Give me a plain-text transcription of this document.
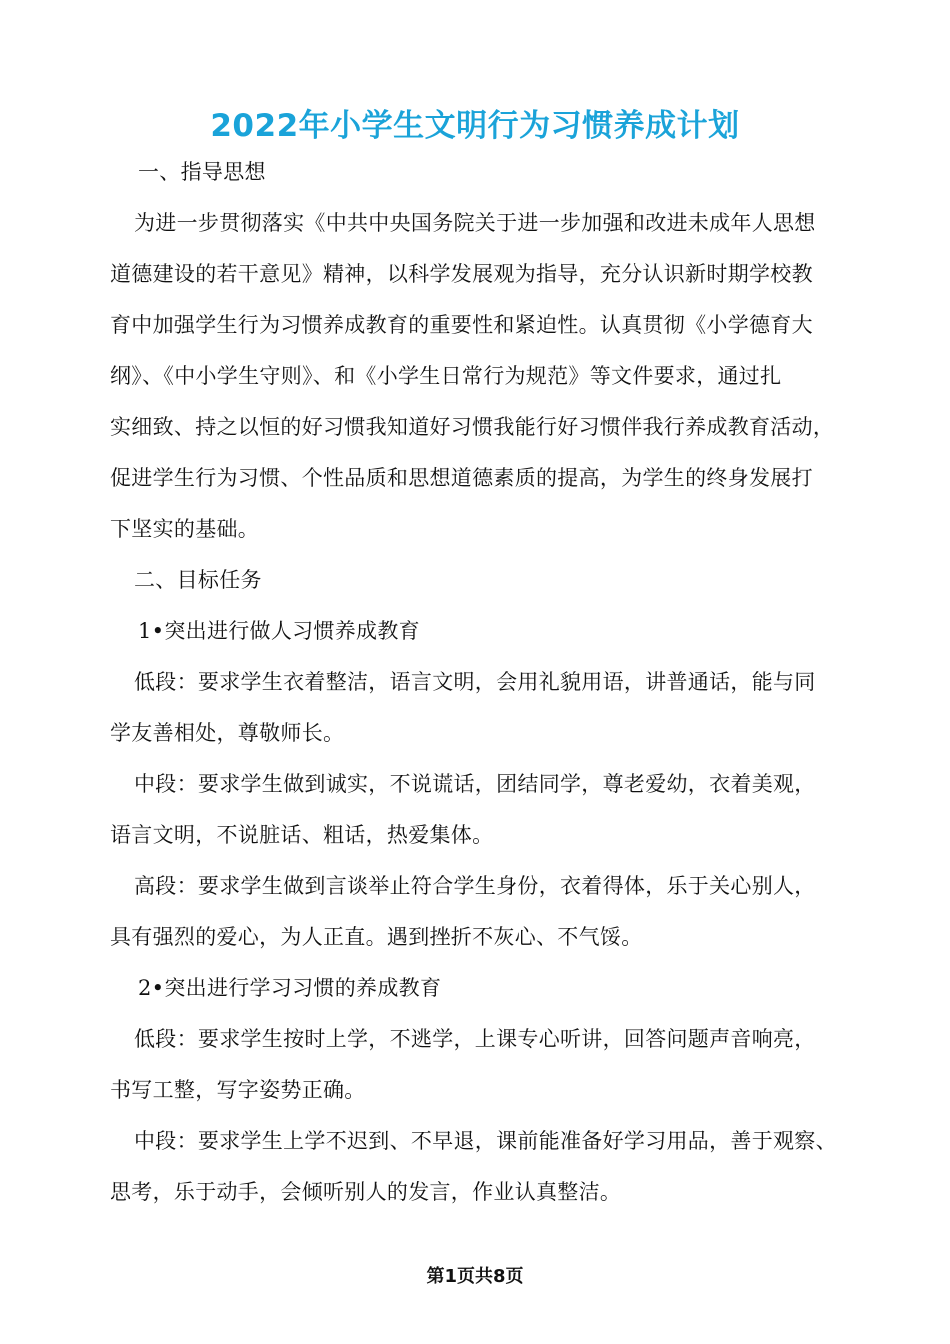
2022年小学生文明行为习惯养成计划
一、指导思想
为进一步贯彻落实《中共中央国务院关于进一步加强和改进未成年人思想
道德建设的若干意见》精神，以科学发展观为指导，充分认识新时期学校教
育中加强学生行为习惯养成教育的重要性和紧迫性。认真贯彻《小学德育大
纲》、《中小学生守则》、和《小学生日常行为规范》等文件要求，通过扎
实细致、持之以恒的好习惯我知道好习惯我能行好习惯伴我行养成教育活动，
促进学生行为习惯、个性品质和思想道德素质的提高，为学生的终身发展打
下坚实的基础。
二、目标任务
1•突出进行做人习惯养成教育
低段：要求学生衣着整洁，语言文明，会用礼貌用语，讲普通话，能与同
学友善相处，尊敬师长。
中段：要求学生做到诚实，不说谎话，团结同学，尊老爱幼，衣着美观，
语言文明，不说脏话、粗话，热爱集体。
高段：要求学生做到言谈举止符合学生身份，衣着得体，乐于关心别人，
具有强烈的爱心，为人正直。遇到挫折不灰心、不气馁。
2•突出进行学习习惯的养成教育
低段：要求学生按时上学，不逃学，上课专心听讲，回答问题声音响亮，
书写工整，写字姿势正确。
中段：要求学生上学不迟到、不早退，课前能准备好学习用品，善于观察、
思考，乐于动手，会倾听别人的发言，作业认真整洁。
第1页共8页
